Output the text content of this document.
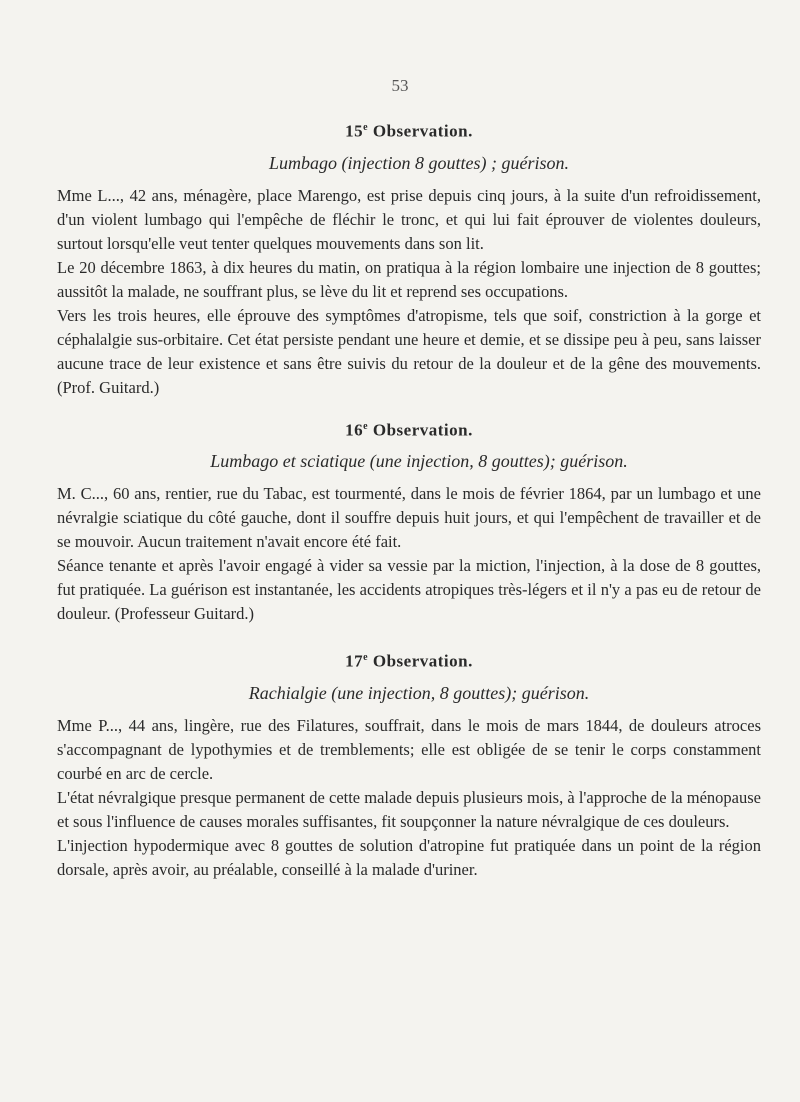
53
15e Observation.
Lumbago (injection 8 gouttes) ; guérison.

Mme L..., 42 ans, ménagère, place Marengo, est prise depuis cinq jours, à la suite d'un refroidissement, d'un violent lumbago qui l'empêche de fléchir le tronc, et qui lui fait éprouver de violentes douleurs, surtout lorsqu'elle veut tenter quelques mouvements dans son lit.

Le 20 décembre 1863, à dix heures du matin, on pratiqua à la région lombaire une injection de 8 gouttes; aussitôt la malade, ne souffrant plus, se lève du lit et reprend ses occupations.

Vers les trois heures, elle éprouve des symptômes d'atropisme, tels que soif, constriction à la gorge et céphalalgie sus-orbitaire. Cet état persiste pendant une heure et demie, et se dissipe peu à peu, sans laisser aucune trace de leur existence et sans être suivis du retour de la douleur et de la gêne des mouvements. (Prof. Guitard.)

16e Observation.
Lumbago et sciatique (une injection, 8 gouttes); guérison.

M. C..., 60 ans, rentier, rue du Tabac, est tourmenté, dans le mois de février 1864, par un lumbago et une névralgie sciatique du côté gauche, dont il souffre depuis huit jours, et qui l'empêchent de travailler et de se mouvoir. Aucun traitement n'avait encore été fait.

Séance tenante et après l'avoir engagé à vider sa vessie par la miction, l'injection, à la dose de 8 gouttes, fut pratiquée. La guérison est instantanée, les accidents atropiques très-légers et il n'y a pas eu de retour de douleur. (Professeur Guitard.)

17e Observation.
Rachialgie (une injection, 8 gouttes); guérison.

Mme P..., 44 ans, lingère, rue des Filatures, souffrait, dans le mois de mars 1844, de douleurs atroces s'accompagnant de lypothymies et de tremblements; elle est obligée de se tenir le corps constamment courbé en arc de cercle.

L'état névralgique presque permanent de cette malade depuis plusieurs mois, à l'approche de la ménopause et sous l'influence de causes morales suffisantes, fit soupçonner la nature névralgique de ces douleurs.

L'injection hypodermique avec 8 gouttes de solution d'atropine fut pratiquée dans un point de la région dorsale, après avoir, au préalable, conseillé à la malade d'uriner.
